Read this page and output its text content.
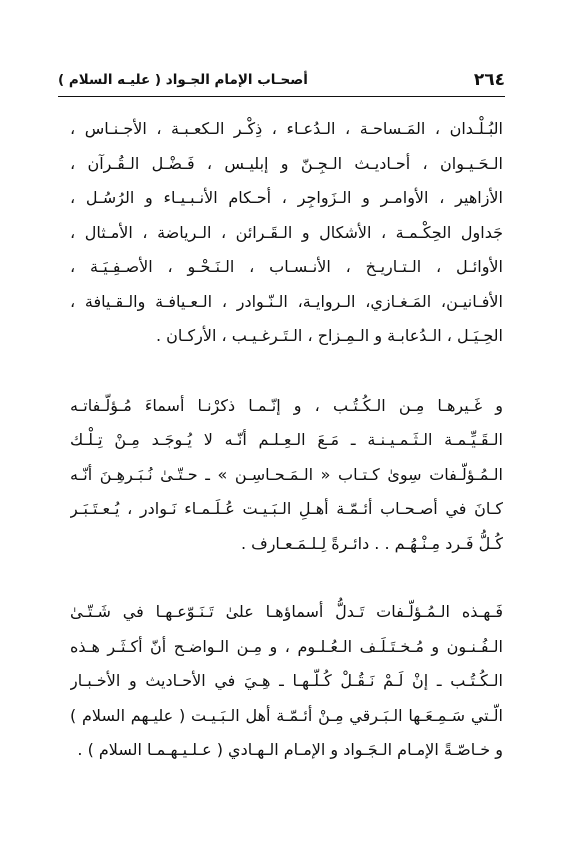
٢٦٤
أصحـاب الإمام الجـواد ( عليـه السلام )

البُـلْـدان ، المَـساحـة ، الـدُعـاء ، ذِكْـر الـكعـبـة ، الأجـنـاس ،
الـحَـيـوان ، أحـاديـث الـجِـنّ و إبليـس ، فَـضْـل الـقُـرآن ،
الأزاهير ، الأوامـر و الـزَواجِر ، أحـكام الأنـبـيـاء و الرُسُـل ،
جَداول الحِكْـمـة ، الأشكال و الـقَـرائن ، الـرياضة ، الأمـثال ،
الأوائـل ، الـتـاريـخ ، الأنـسـاب ، الـنَـحْـو ، الأصـفِـيَـة ،
الأفـانيـن، المَـغـازي، الـروايـة، الـنّـوادر ، الـعـيافـة والـقـيافة ،
الحِـيَـل ، الـدُعابـة و الـمِـزاح ، الـتَـرغـيـب ، الأركـان .

و غَـيرهـا مِـن الـكُـتُـب ، و إنّـمـا ذكرْنـا أسماءَ مُـؤلّـفاتـه
الـقَـيِّـمـة الـثَـمـيـنـة ـ مَـعَ الـعِـلـم أنّـه لا يُـوجَـد مِـنْ تِـلْـك
الـمُـؤلّـفات سِوىٰ كـتـاب « الـمَـحـاسِـن » ـ حـتّـىٰ نُـبَـرهِـنَ أنّـه
كـانَ في أصـحـاب أئـمّـة أهـلِ الـبَـيـت عُـلَـمـاء نَـوادر ، يُـعـتَـبَـر
كُـلُّ فَـرد مِـنْـهُـم . . دائـرةً لِـلـمَـعـارف .

فَـهـذه الـمُـؤلّـفات تَـدلُّ أسماؤهـا علىٰ تَـنَـوّعـهـا في شَـتّـىٰ
الـفُـنـون و مُـخـتَـلَـف الـعُـلـوم ، و مِـن الـواضـح أنّ أكـثَـر هـذه
الـكُـتُـب ـ إنْ لَـمْ نَـقُـلْ كُـلّـهـا ـ هِـيَ في الأحـاديث و الأخـبـار
الّـتي سَـمِـعَـها الـبَـرقي مِـنْ أئـمّـة أهل الـبَـيـت ( عليـهم السلام )
و خـاصّـةً الإمـام الـجَـواد و الإمـام الـهـادي ( عـلـيـهـمـا السلام ) .
